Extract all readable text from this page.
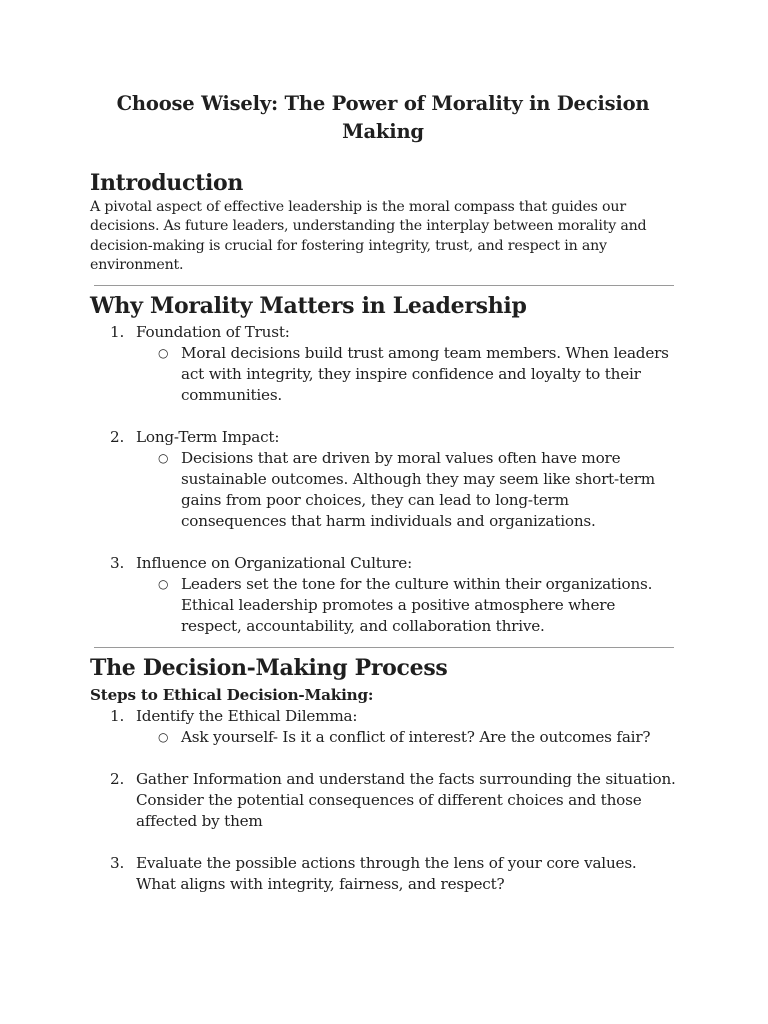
Choose Wisely: The Power of Morality in Decision Making
Introduction

A pivotal aspect of effective leadership is the moral compass that guides our decisions. As future leaders, understanding the interplay between morality and decision-making is crucial for fostering integrity, trust, and respect in any environment.

Why Morality Matters in Leadership
1. Foundation of Trust:
○ Moral decisions build trust among team members. When leaders act with integrity, they inspire confidence and loyalty to their communities.
2. Long-Term Impact:
○ Decisions that are driven by moral values often have more sustainable outcomes. Although they may seem like short-term gains from poor choices, they can lead to long-term consequences that harm individuals and organizations.
3. Influence on Organizational Culture:
○ Leaders set the tone for the culture within their organizations. Ethical leadership promotes a positive atmosphere where respect, accountability, and collaboration thrive.
The Decision-Making Process
Steps to Ethical Decision-Making:
1. Identify the Ethical Dilemma:
○ Ask yourself- Is it a conflict of interest? Are the outcomes fair?
2. Gather Information and understand the facts surrounding the situation. Consider the potential consequences of different choices and those affected by them
3. Evaluate the possible actions through the lens of your core values. What aligns with integrity, fairness, and respect?
